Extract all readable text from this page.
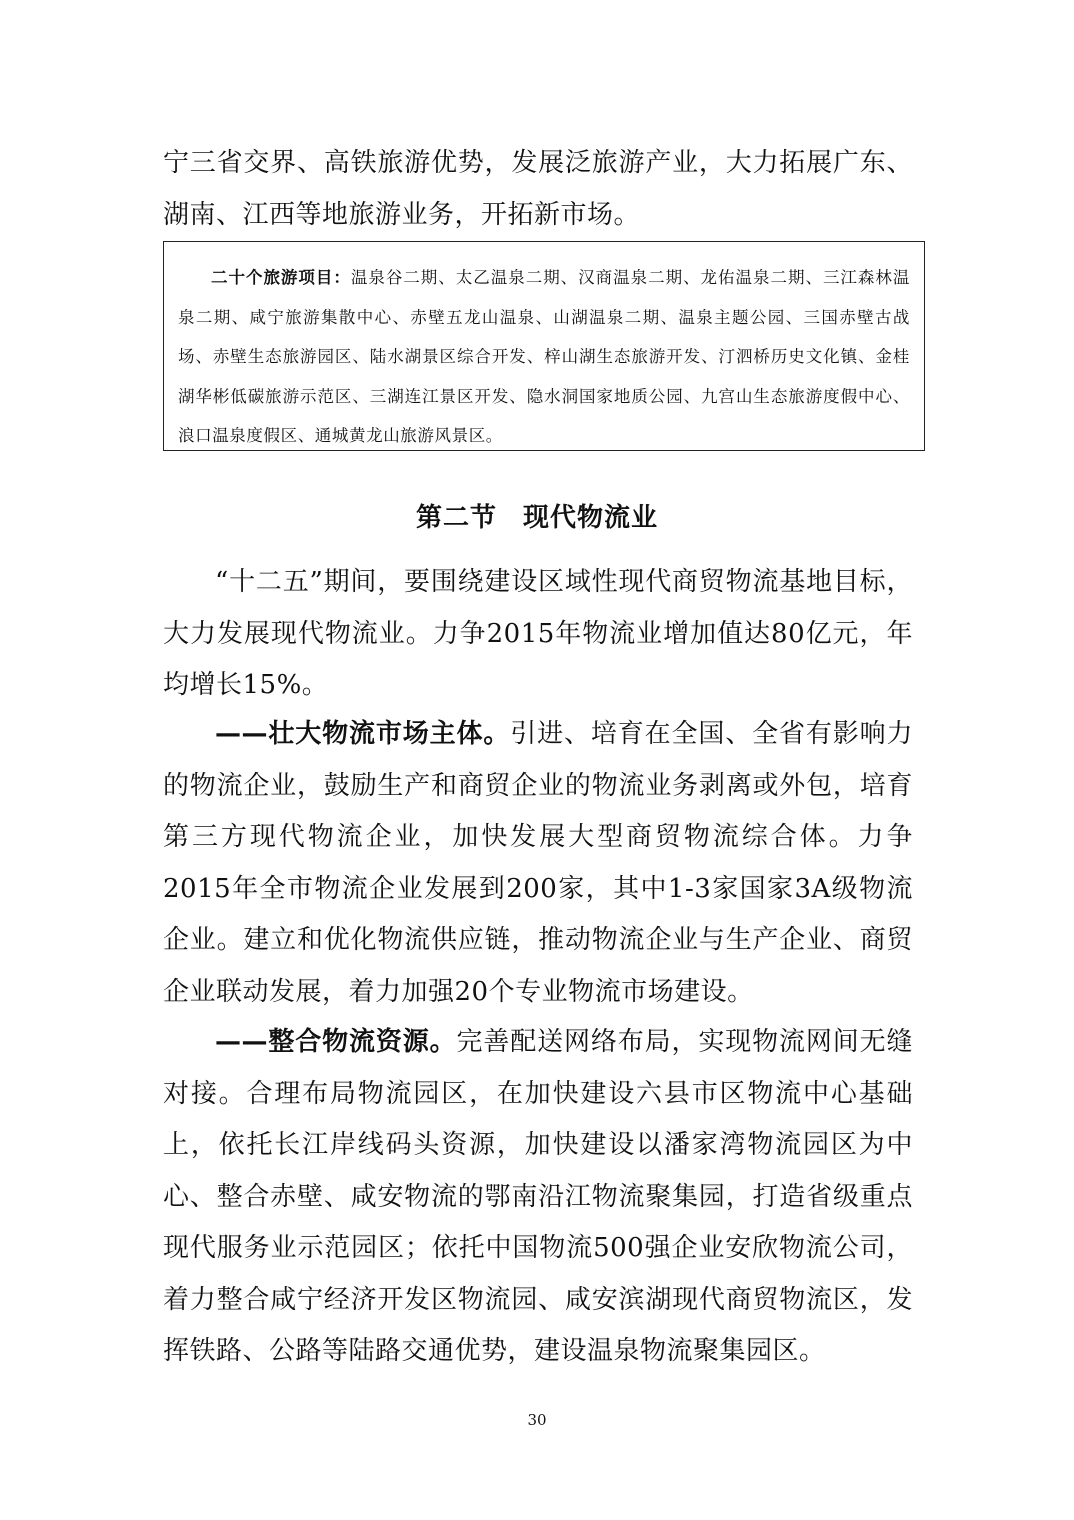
宁三省交界、高铁旅游优势，发展泛旅游产业，大力拓展广东、湖南、江西等地旅游业务，开拓新市场。

二十个旅游项目：温泉谷二期、太乙温泉二期、汉商温泉二期、龙佑温泉二期、三江森林温泉二期、咸宁旅游集散中心、赤壁五龙山温泉、山湖温泉二期、温泉主题公园、三国赤壁古战场、赤壁生态旅游园区、陆水湖景区综合开发、梓山湖生态旅游开发、汀泗桥历史文化镇、金桂湖华彬低碳旅游示范区、三湖连江景区开发、隐水洞国家地质公园、九宫山生态旅游度假中心、浪口温泉度假区、通城黄龙山旅游风景区。

第二节 现代物流业

“十二五”期间，要围绕建设区域性现代商贸物流基地目标，大力发展现代物流业。力争2015年物流业增加值达80亿元，年均增长15%。

——壮大物流市场主体。引进、培育在全国、全省有影响力的物流企业，鼓励生产和商贸企业的物流业务剥离或外包，培育第三方现代物流企业，加快发展大型商贸物流综合体。力争2015年全市物流企业发展到200家，其中1-3家国家3A级物流企业。建立和优化物流供应链，推动物流企业与生产企业、商贸企业联动发展，着力加强20个专业物流市场建设。

——整合物流资源。完善配送网络布局，实现物流网间无缝对接。合理布局物流园区，在加快建设六县市区物流中心基础上，依托长江岸线码头资源，加快建设以潘家湾物流园区为中心、整合赤壁、咸安物流的鄂南沿江物流聚集园，打造省级重点现代服务业示范园区；依托中国物流500强企业安欣物流公司，着力整合咸宁经济开发区物流园、咸安滨湖现代商贸物流区，发挥铁路、公路等陆路交通优势，建设温泉物流聚集园区。

30
